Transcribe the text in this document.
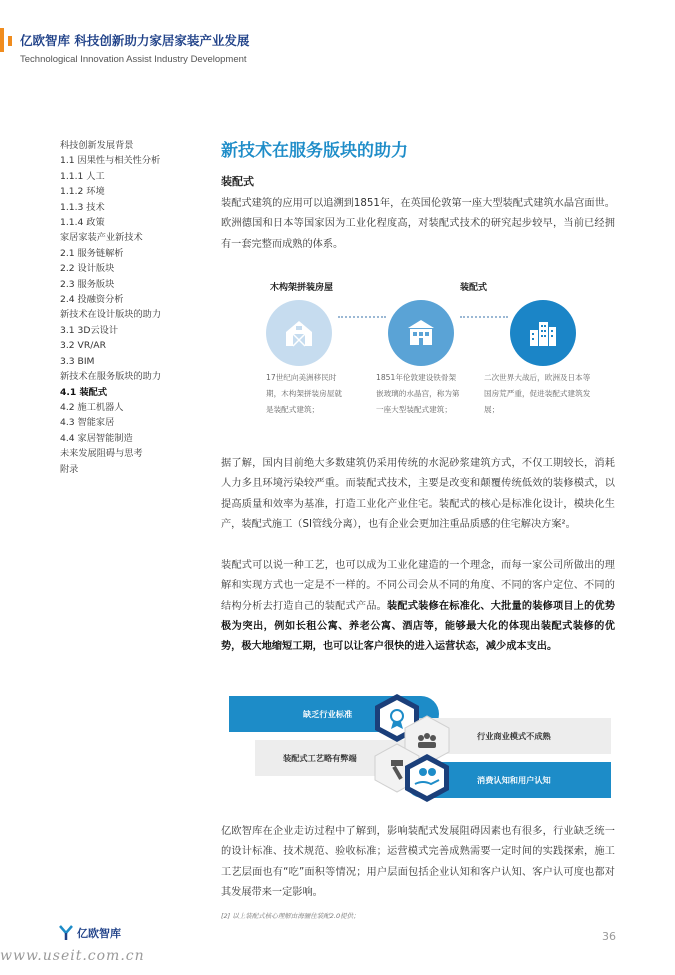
亿欧智库 科技创新助力家居家装产业发展
Technological Innovation Assist Industry Development
科技创新发展背景
1.1 因果性与相关性分析
1.1.1 人工
1.1.2 环境
1.1.3 技术
1.1.4 政策
家居家装产业新技术
2.1 服务链解析
2.2 设计版块
2.3 服务版块
2.4 投融资分析
新技术在设计版块的助力
3.1 3D云设计
3.2 VR/AR
3.3 BIM
新技术在服务版块的助力
4.1 装配式
4.2 施工机器人
4.3 智能家居
4.4 家居智能制造
未来发展阻碍与思考
附录
新技术在服务版块的助力
装配式
装配式建筑的应用可以追溯到1851年，在英国伦敦第一座大型装配式建筑水晶宫面世。欧洲德国和日本等国家因为工业化程度高，对装配式技术的研究起步较早，当前已经拥有一套完整而成熟的体系。
木构架拼装房屋	装配式
17世纪向美洲移民时期，木构架拼装房屋就是装配式建筑；
1851年伦敦建设铁骨架嵌玻璃的水晶宫，称为第一座大型装配式建筑；
二次世界大战后，欧洲及日本等国房荒严重，促进装配式建筑发展；
据了解，国内目前绝大多数建筑仍采用传统的水泥砂浆建筑方式，不仅工期较长，消耗人力多且环境污染较严重。而装配式技术，主要是改变和颠覆传统低效的装修模式，以提高质量和效率为基准，打造工业化产业住宅。装配式的核心是标准化设计，模块化生产，装配式施工（SI管线分离），也有企业会更加注重品质感的住宅解决方案²。
装配式可以说一种工艺，也可以成为工业化建造的一个理念，而每一家公司所做出的理解和实现方式也一定是不一样的。不同公司会从不同的角度、不同的客户定位、不同的结构分析去打造自己的装配式产品。装配式装修在标准化、大批量的装修项目上的优势极为突出，例如长租公寓、养老公寓、酒店等，能够最大化的体现出装配式装修的优势，极大地缩短工期，也可以让客户很快的进入运营状态，减少成本支出。
缺乏行业标准
行业商业模式不成熟
装配式工艺略有弊端
消费认知和用户认知
亿欧智库在企业走访过程中了解到，影响装配式发展阻碍因素也有很多，行业缺乏统一的设计标准、技术规范、验收标准；运营模式完善成熟需要一定时间的实践探索，施工工艺层面也有“吃”面积等情况；用户层面包括企业认知和客户认知、客户认可度也都对其发展带来一定影响。
[2] 以上装配式核心理解由海骊住装配2.0提供；
亿欧智库	36
www.useit.com.cn
